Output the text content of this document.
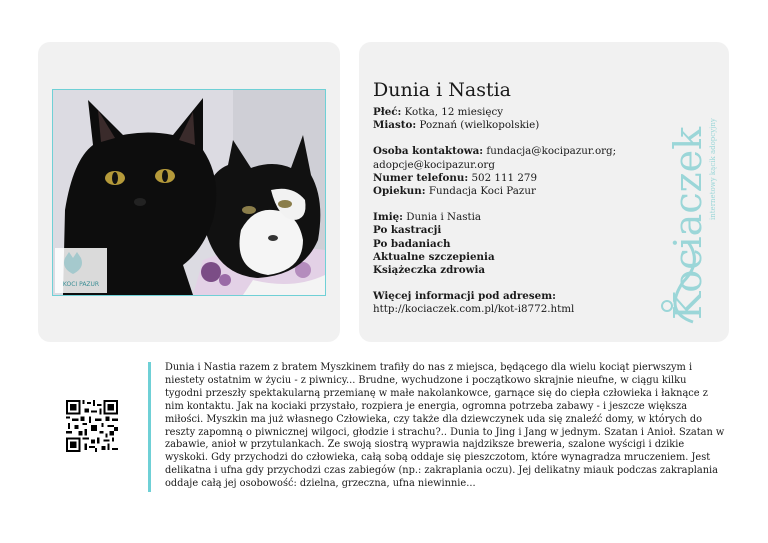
KOCI PAZUR
Dunia i Nastia

Płeć: Kotka, 12 miesięcy
Miasto: Poznań (wielkopolskie)

Osoba kontaktowa: fundacja@kocipazur.org;
adopcje@kocipazur.org
Numer telefonu: 502 111 279
Opiekun: Fundacja Koci Pazur

Imię: Dunia i Nastia
Po kastracji
Po badaniach
Aktualne szczepienia
Książeczka zdrowia

Więcej informacji pod adresem:
http://kociaczek.com.pl/kot-i8772.html	Kociaczek internetowy kącik adopcyjny
Dunia i Nastia razem z bratem Myszkinem trafiły do nas z miejsca, będącego dla wielu kociąt pierwszym i niestety ostatnim w życiu - z piwnicy... Brudne, wychudzone i początkowo skrajnie nieufne, w ciągu kilku tygodni przeszły spektakularną przemianę w małe nakolankowce, garnące się do ciepła człowieka i łaknące z nim kontaktu. Jak na kociaki przystało, rozpiera je energia, ogromna potrzeba zabawy - i jeszcze większa miłości. Myszkin ma już własnego Człowieka, czy także dla dziewczynek uda się znaleźć domy, w których do reszty zapomną o piwnicznej wilgoci, głodzie i strachu?.. Dunia to Jing i Jang w jednym. Szatan i Anioł. Szatan w zabawie, anioł w przytulankach. Ze swoją siostrą wyprawia najdziksze breweria, szalone wyścigi i dzikie wyskoki. Gdy przychodzi do człowieka, całą sobą oddaje się pieszczotom, które wynagradza mruczeniem. Jest delikatna i ufna gdy przychodzi czas zabiegów (np.: zakraplania oczu). Jej delikatny miauk podczas zakraplania oddaje całą jej osobowość: dzielna, grzeczna, ufna niewinnie...
